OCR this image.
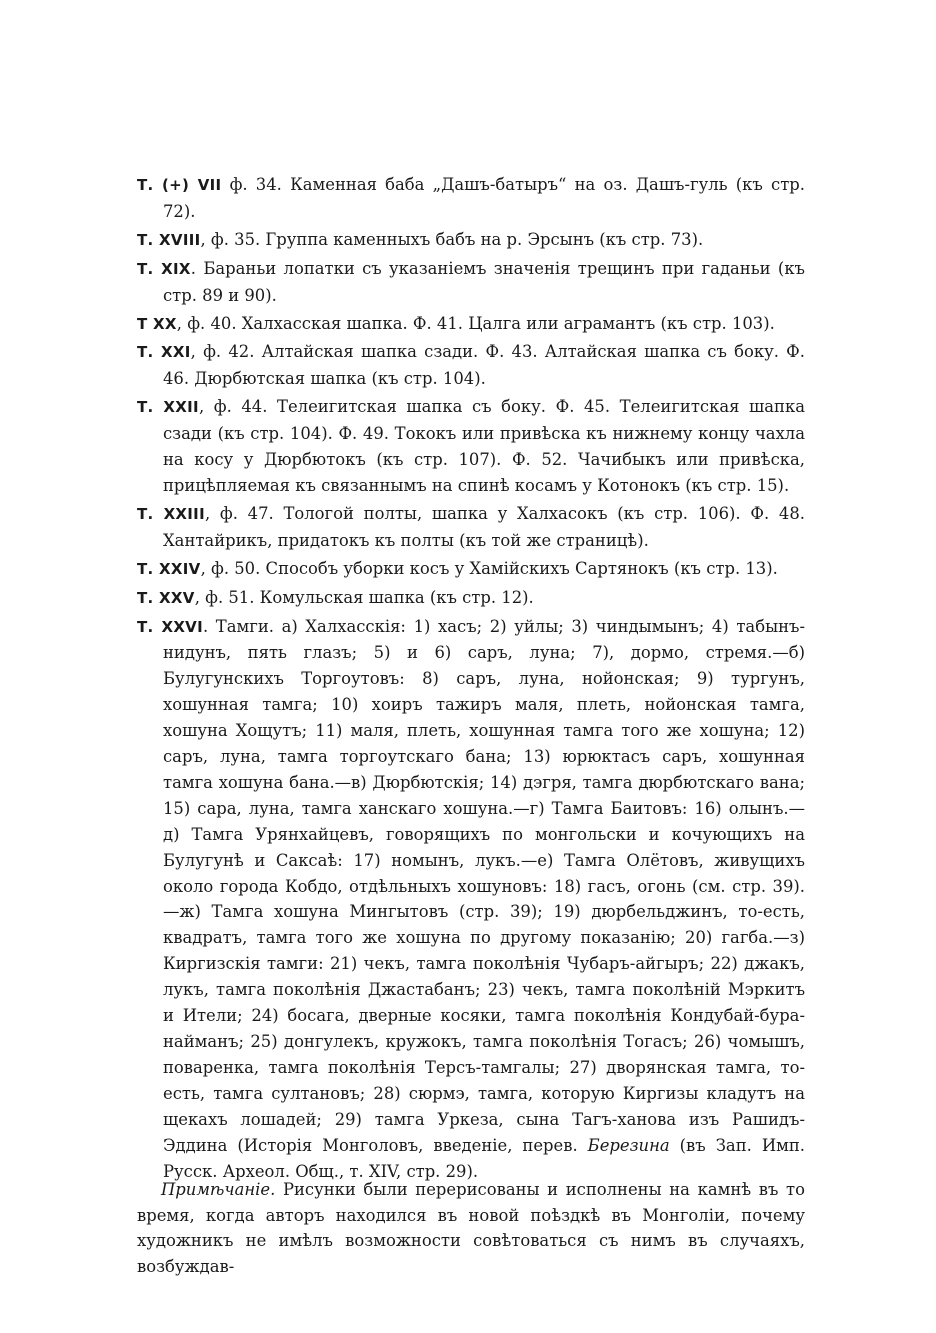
Т. (+) VII ф. 34. Каменная баба „Дашъ-батыръ“ на оз. Дашъ-гуль (къ стр. 72).

Т. XVIII, ф. 35. Группа каменныхъ бабъ на р. Эрсынъ (къ стр. 73).

Т. XIX. Бараньи лопатки съ указаніемъ значенія трещинъ при гаданьи (къ стр. 89 и 90).

Т XX, ф. 40. Халхасская шапка. Ф. 41. Цалга или аграмантъ (къ стр. 103).

Т. XXI, ф. 42. Алтайская шапка сзади. Ф. 43. Алтайская шапка съ боку. Ф. 46. Дюрбютская шапка (къ стр. 104).

Т. XXII, ф. 44. Телеигитская шапка съ боку. Ф. 45. Телеигитская шапка сзади (къ стр. 104). Ф. 49. Тококъ или привѣска къ нижнему концу чахла на косу у Дюрбютокъ (къ стр. 107). Ф. 52. Чачибыкъ или привѣска, прицѣпляемая къ связаннымъ на спинѣ косамъ у Котонокъ (къ стр. 15).

Т. XXIII, ф. 47. Тологой полты, шапка у Халхасокъ (къ стр. 106). Ф. 48. Хантайрикъ, придатокъ къ полты (къ той же страницѣ).

Т. XXIV, ф. 50. Способъ уборки косъ у Хамійскихъ Сартянокъ (къ стр. 13).

Т. XXV, ф. 51. Комульская шапка (къ стр. 12).

Т. XXVI. Тамги. а) Халхасскія: 1) хасъ; 2) уйлы; 3) чиндымынъ; 4) табынъ-нидунъ, пять глазъ; 5) и 6) саръ, луна; 7), дормо, стремя.—б) Булугунскихъ Торгоутовъ: 8) саръ, луна, нойонская; 9) тургунъ, хошунная тамга; 10) хоиръ тажиръ маля, плеть, нойонская тамга, хошуна Хощутъ; 11) маля, плеть, хошунная тамга того же хошуна; 12) саръ, луна, тамга торгоутскаго бана; 13) юрюктасъ саръ, хошунная тамга хошуна бана.—в) Дюрбютскія; 14) дэгря, тамга дюрбютскаго вана; 15) сара, луна, тамга ханскаго хошуна.—г) Тамга Баитовъ: 16) олынъ.—д) Тамга Урянхайцевъ, говорящихъ по монгольски и кочующихъ на Булугунѣ и Саксаѣ: 17) номынъ, лукъ.—е) Тамга Олётовъ, живущихъ около города Кобдо, отдѣльныхъ хошуновъ: 18) гасъ, огонь (см. стр. 39).—ж) Тамга хошуна Мингытовъ (стр. 39); 19) дюрбельджинъ, то-есть, квадратъ, тамга того же хошуна по другому показанію; 20) гагба.—з) Киргизскія тамги: 21) чекъ, тамга поколѣнія Чубаръ-айгыръ; 22) джакъ, лукъ, тамга поколѣнія Джастабанъ; 23) чекъ, тамга поколѣній Мэркитъ и Ители; 24) босага, дверные косяки, тамга поколѣнія Кондубай-бура-найманъ; 25) донгулекъ, кружокъ, тамга поколѣнія Тогасъ; 26) чомышъ, поваренка, тамга поколѣнія Терсъ-тамгалы; 27) дворянская тамга, то-есть, тамга султановъ; 28) сюрмэ, тамга, которую Киргизы кладутъ на щекахъ лошадей; 29) тамга Уркеза, сына Тагъ-ханова изъ Рашидъ-Эддина (Исторія Монголовъ, введеніе, перев. Березина (въ Зап. Имп. Русск. Археол. Общ., т. XIV, стр. 29).

Примѣчаніе. Рисунки были перерисованы и исполнены на камнѣ въ то время, когда авторъ находился въ новой поѣздкѣ въ Монголіи, почему художникъ не имѣлъ возможности совѣтоваться съ нимъ въ случаяхъ, возбуждав-
